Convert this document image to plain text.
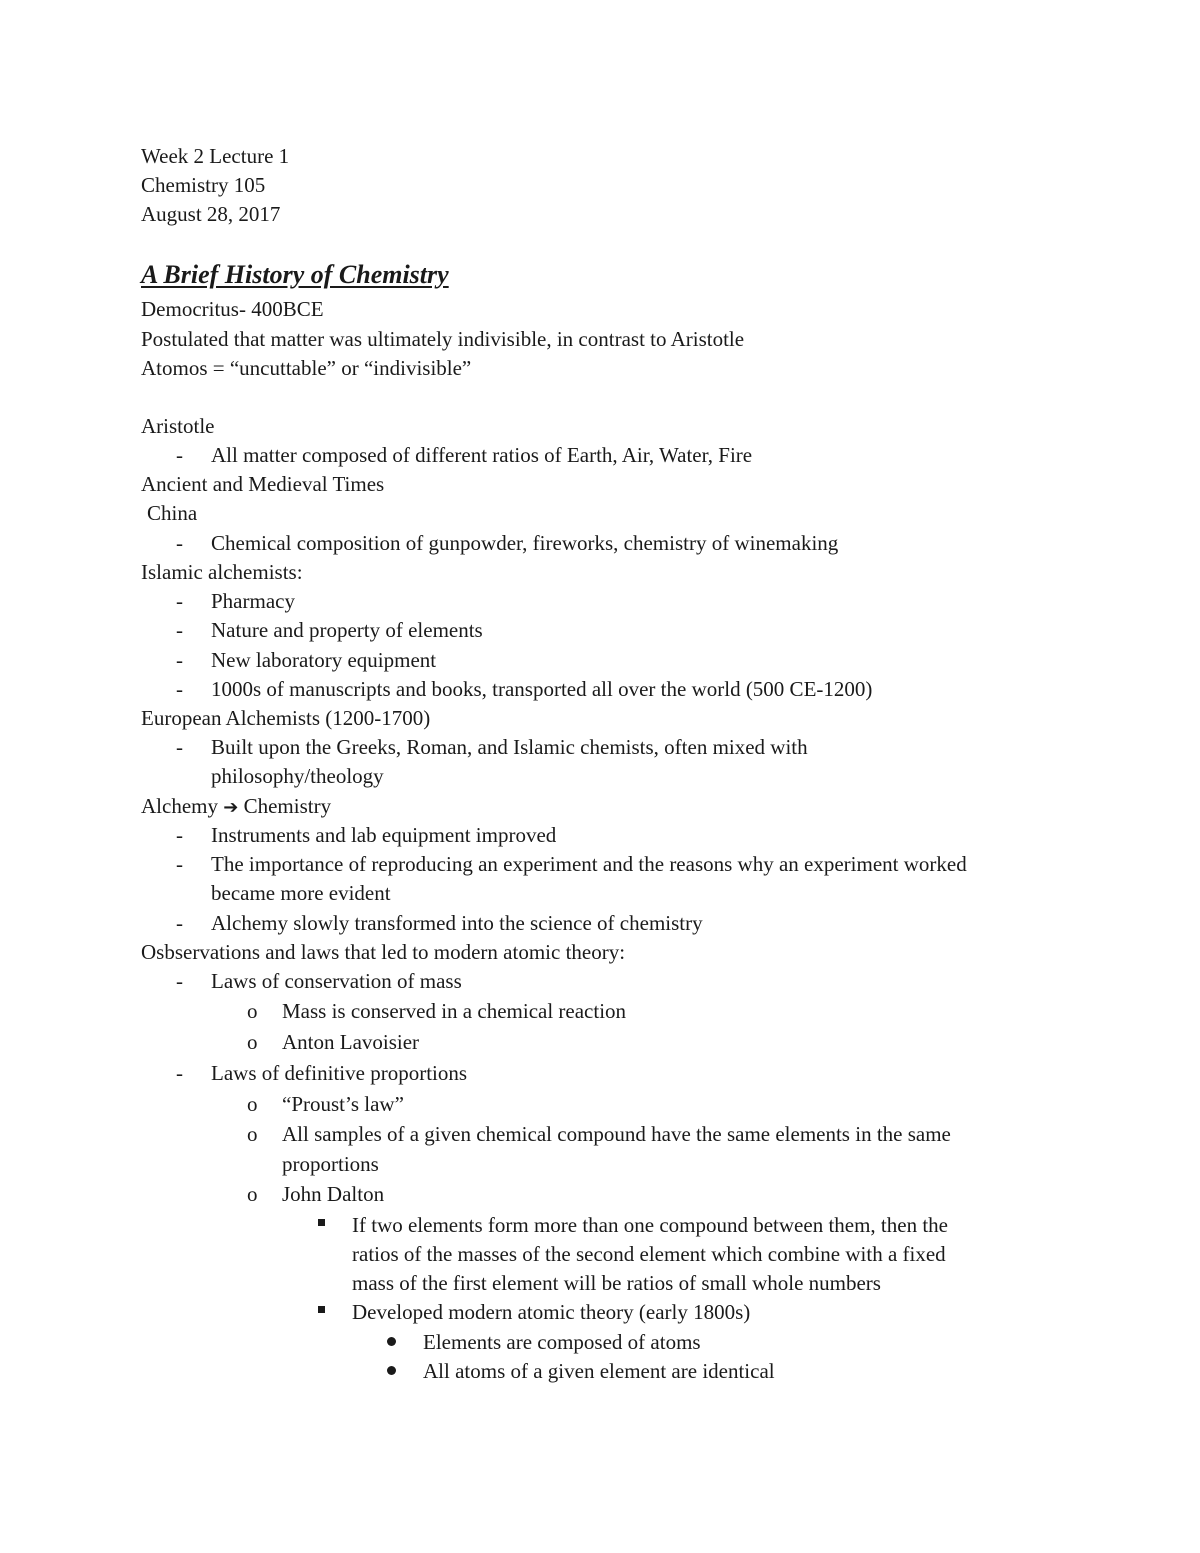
Week 2 Lecture 1

Chemistry 105

August 28, 2017

A Brief History of Chemistry

Democritus- 400BCE

Postulated that matter was ultimately indivisible, in contrast to Aristotle

Atomos = “uncuttable” or “indivisible”

Aristotle

- All matter composed of different ratios of Earth, Air, Water, Fire

Ancient and Medieval Times

China

- Chemical composition of gunpowder, fireworks, chemistry of winemaking

Islamic alchemists:

- Pharmacy

- Nature and property of elements

- New laboratory equipment

- 1000s of manuscripts and books, transported all over the world (500 CE-1200)

European Alchemists (1200-1700)

- Built upon the Greeks, Roman, and Islamic chemists, often mixed with

philosophy/theology

Alchemy ➔ Chemistry

- Instruments and lab equipment improved

- The importance of reproducing an experiment and the reasons why an experiment worked

became more evident

- Alchemy slowly transformed into the science of chemistry

Osbservations and laws that led to modern atomic theory:

- Laws of conservation of mass

o Mass is conserved in a chemical reaction

o Anton Lavoisier

- Laws of definitive proportions

o “Proust’s law”

o All samples of a given chemical compound have the same elements in the same

proportions

o John Dalton

If two elements form more than one compound between them, then the

ratios of the masses of the second element which combine with a fixed

mass of the first element will be ratios of small whole numbers

Developed modern atomic theory (early 1800s)

Elements are composed of atoms

All atoms of a given element are identical
